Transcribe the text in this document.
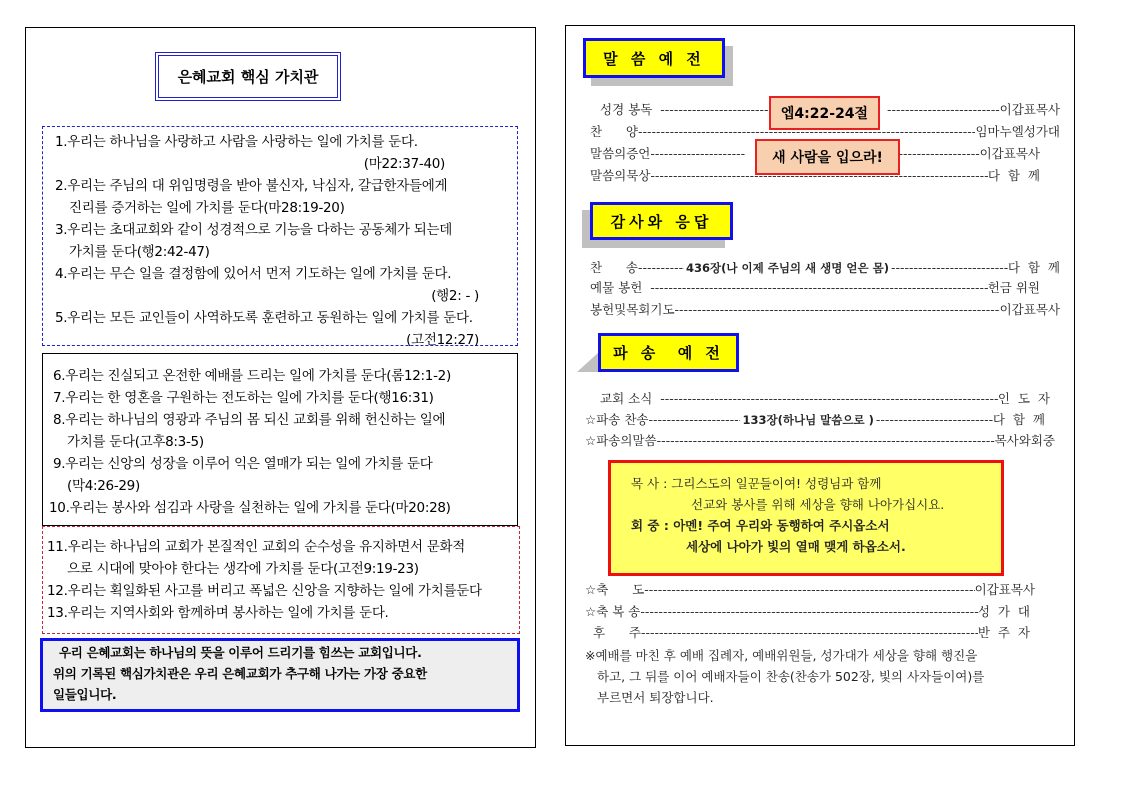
은혜교회 핵심 가치관
1.우리는 하나님을 사랑하고 사람을 사랑하는 일에 가치를 둔다.
(마22:37-40)
2.우리는 주님의 대 위임명령을 받아 불신자, 낙심자, 갈급한자들에게
진리를 증거하는 일에 가치를 둔다(마28:19-20)
3.우리는 초대교회와 같이 성경적으로 기능을 다하는 공동체가 되는데
가치를 둔다(행2:42-47)
4.우리는 무슨 일을 결정함에 있어서 먼저 기도하는 일에 가치를 둔다.
(행2: - )
5.우리는 모든 교인들이 사역하도록 훈련하고 동원하는 일에 가치를 둔다.
(고전12:27)
6.우리는 진실되고 온전한 예배를 드리는 일에 가치를 둔다(롬12:1-2)
7.우리는 한 영혼을 구원하는 전도하는 일에 가치를 둔다(행16:31)
8.우리는 하나님의 영광과 주님의 몸 되신 교회를 위해 헌신하는 일에
가치를 둔다(고후8:3-5)
9.우리는 신앙의 성장을 이루어 익은 열매가 되는 일에 가치를 둔다
(막4:26-29)
10.우리는 봉사와 섬김과 사랑을 실천하는 일에 가치를 둔다(마20:28)
11.우리는 하나님의 교회가 본질적인 교회의 순수성을 유지하면서 문화적
으로 시대에 맞아야 한다는 생각에 가치를 둔다(고전9:19-23)
12.우리는 획일화된 사고를 버리고 폭넓은 신앙을 지향하는 일에 가치를둔다
13.우리는 지역사회와 함께하며 봉사하는 일에 가치를 둔다.
우리 은혜교회는 하나님의 뜻을 이루어 드리기를 힘쓰는 교회입니다.
위의 기록된 핵심가치관은 우리 은혜교회가 추구해 나가는 가장 중요한
일들입니다.
말 씀 예 전
성경 봉독 ----- -----	이갑표목사
엡4:22-24절
찬      양 -----	임마누엘성가대
말씀의증언 ----- -----	이갑표목사
새 사람을 입으라!
말씀의묵상 -----	다  함  께
감사와 응답
찬      송 -----	436장(나 이제 주님의 새 생명 얻은 몸) -----	다  함  께
예물 봉헌 -----	헌금 위원
봉헌및목회기도 -----	이갑표목사
파 송  예 전
교회 소식 -----	인  도  자
☆파송 찬송 -----	133장(하나님 말씀으로 ) -----	다  함  께
☆파송의말씀 -----	목사와회중
목 사 : 그리스도의 일꾼들이여! 성령님과 함께
선교와 봉사를 위해 세상을 향해 나아가십시요.
회 중 : 아멘! 주여 우리와 동행하여 주시옵소서
세상에 나아가 빛의 열매 맺게 하옵소서.
☆축      도 -----	이갑표목사
☆축 복 송 -----	성  가  대
후      주 -----	반  주  자
※예배를 마친 후 예배 집례자, 예배위원들, 성가대가 세상을 향해 행진을
하고, 그 뒤를 이어 예배자들이 찬송(찬송가 502장, 빛의 사자들이여)를
부르면서 퇴장합니다.
